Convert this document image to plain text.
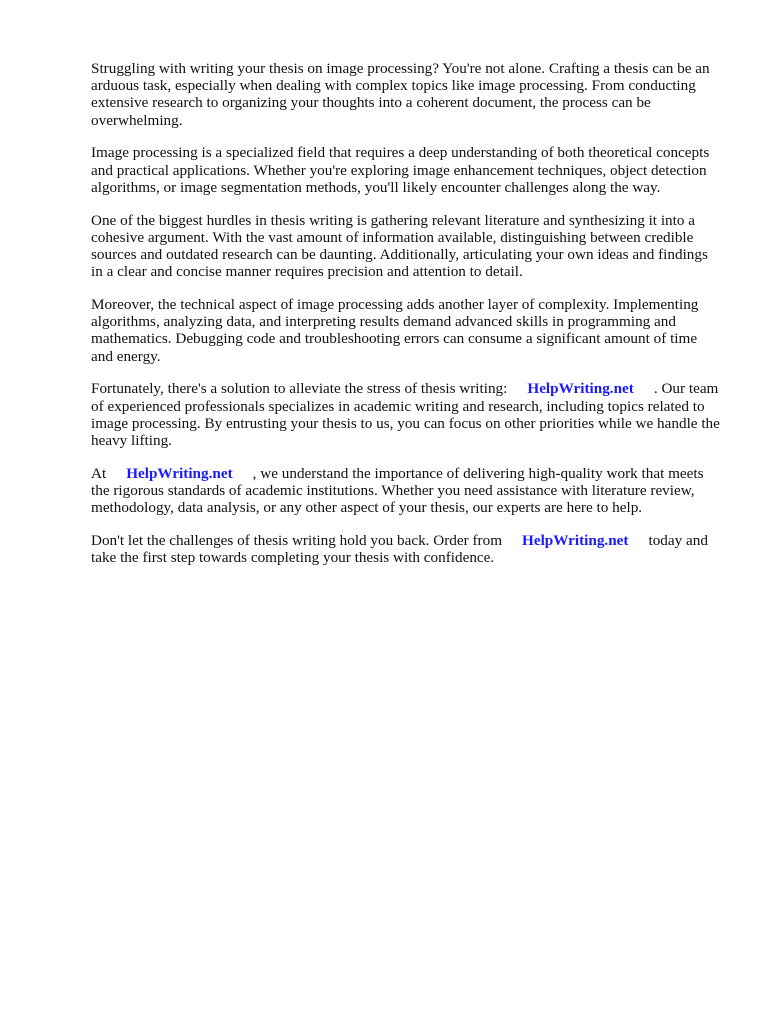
Struggling with writing your thesis on image processing? You're not alone. Crafting a thesis can be an arduous task, especially when dealing with complex topics like image processing. From conducting extensive research to organizing your thoughts into a coherent document, the process can be overwhelming.

Image processing is a specialized field that requires a deep understanding of both theoretical concepts and practical applications. Whether you're exploring image enhancement techniques, object detection algorithms, or image segmentation methods, you'll likely encounter challenges along the way.

One of the biggest hurdles in thesis writing is gathering relevant literature and synthesizing it into a cohesive argument. With the vast amount of information available, distinguishing between credible sources and outdated research can be daunting. Additionally, articulating your own ideas and findings in a clear and concise manner requires precision and attention to detail.

Moreover, the technical aspect of image processing adds another layer of complexity. Implementing algorithms, analyzing data, and interpreting results demand advanced skills in programming and mathematics. Debugging code and troubleshooting errors can consume a significant amount of time and energy.

Fortunately, there's a solution to alleviate the stress of thesis writing: HelpWriting.net . Our team of experienced professionals specializes in academic writing and research, including topics related to image processing. By entrusting your thesis to us, you can focus on other priorities while we handle the heavy lifting.

At HelpWriting.net , we understand the importance of delivering high-quality work that meets the rigorous standards of academic institutions. Whether you need assistance with literature review, methodology, data analysis, or any other aspect of your thesis, our experts are here to help.

Don't let the challenges of thesis writing hold you back. Order from HelpWriting.net today and take the first step towards completing your thesis with confidence.
